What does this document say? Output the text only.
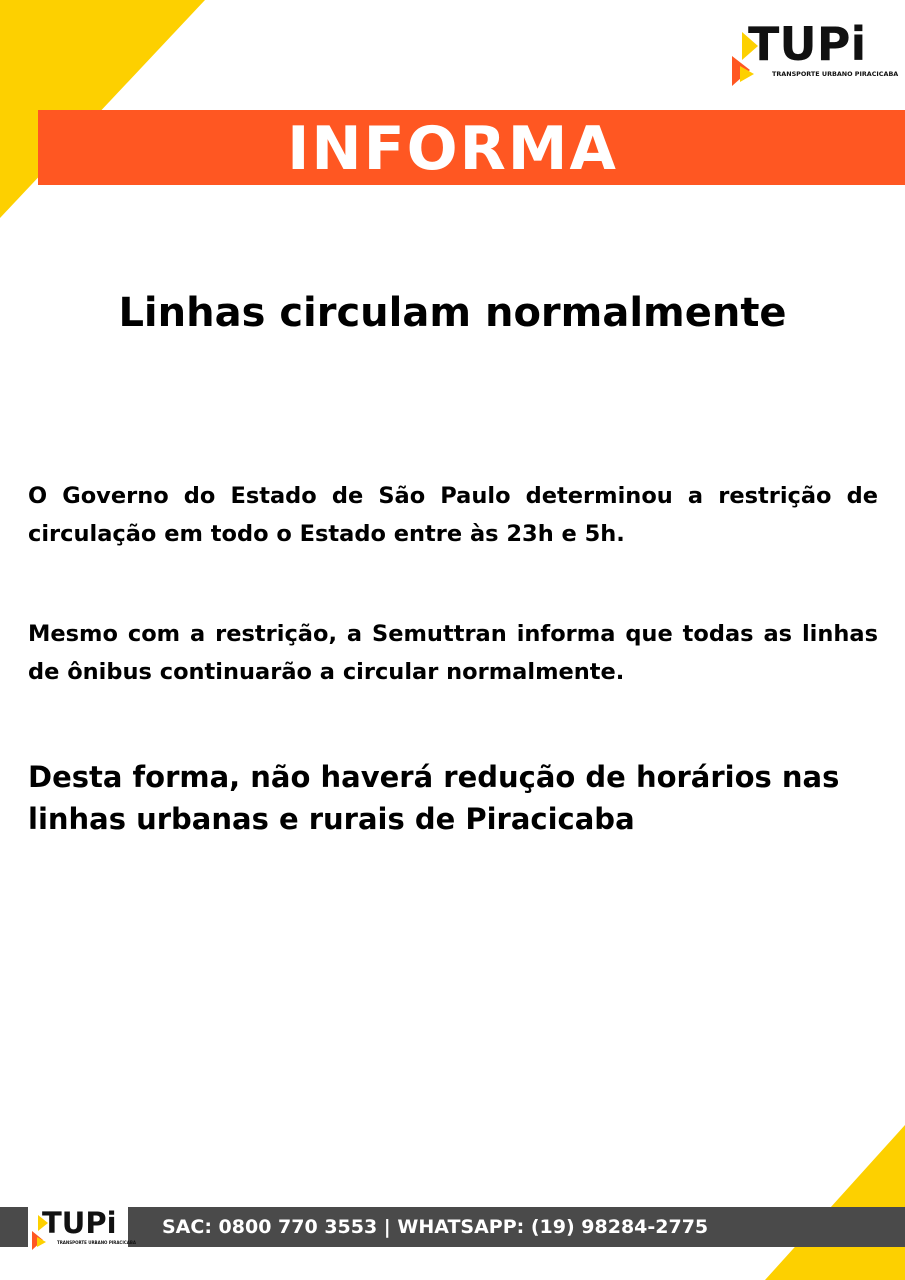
TUPi
TRANSPORTE URBANO PIRACICABA
INFORMA
Linhas circulam normalmente
O Governo do Estado de São Paulo determinou a restrição de circulação em todo o Estado entre às 23h e 5h.
Mesmo com a restrição, a Semuttran informa que todas as linhas de ônibus continuarão a circular normalmente.
Desta forma, não haverá redução de horários nas linhas urbanas e rurais de Piracicaba
TUPi
TRANSPORTE URBANO PIRACICABA
SAC: 0800 770 3553 | WHATSAPP: (19) 98284-2775
